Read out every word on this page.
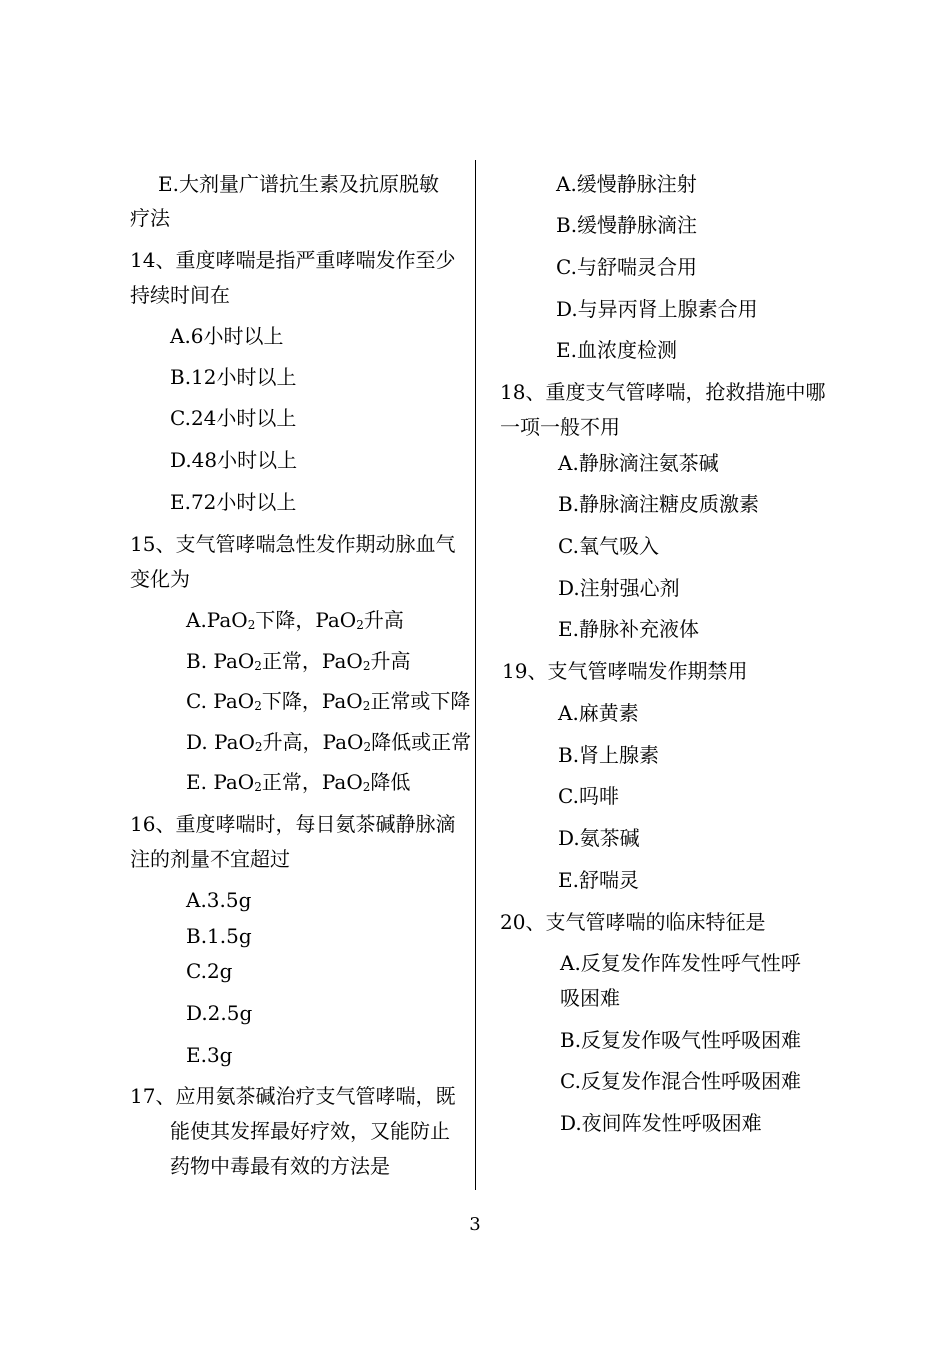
E.大剂量广谱抗生素及抗原脱敏
疗法
14、重度哮喘是指严重哮喘发作至少
持续时间在
A.6小时以上
B.12小时以上
C.24小时以上
D.48小时以上
E.72小时以上
15、支气管哮喘急性发作期动脉血气
变化为
A.PaO$_2$下降，PaO$_2$升高
B. PaO$_2$正常，PaO$_2$升高
C. PaO$_2$下降，PaO$_2$正常或下降
D. PaO$_2$升高，PaO$_2$降低或正常
E. PaO$_2$正常，PaO$_2$降低
16、重度哮喘时，每日氨茶碱静脉滴
注的剂量不宜超过
A.3.5g
B.1.5g
C.2g
D.2.5g
E.3g
17、应用氨茶碱治疗支气管哮喘，既
能使其发挥最好疗效，又能防止
药物中毒最有效的方法是
A.缓慢静脉注射
B.缓慢静脉滴注
C.与舒喘灵合用
D.与异丙肾上腺素合用
E.血浓度检测
18、重度支气管哮喘，抢救措施中哪
一项一般不用
A.静脉滴注氨茶碱
B.静脉滴注糖皮质激素
C.氧气吸入
D.注射强心剂
E.静脉补充液体
19、支气管哮喘发作期禁用
A.麻黄素
B.肾上腺素
C.吗啡
D.氨茶碱
E.舒喘灵
20、支气管哮喘的临床特征是
A.反复发作阵发性呼气性呼
吸困难
B.反复发作吸气性呼吸困难
C.反复发作混合性呼吸困难
D.夜间阵发性呼吸困难
3
